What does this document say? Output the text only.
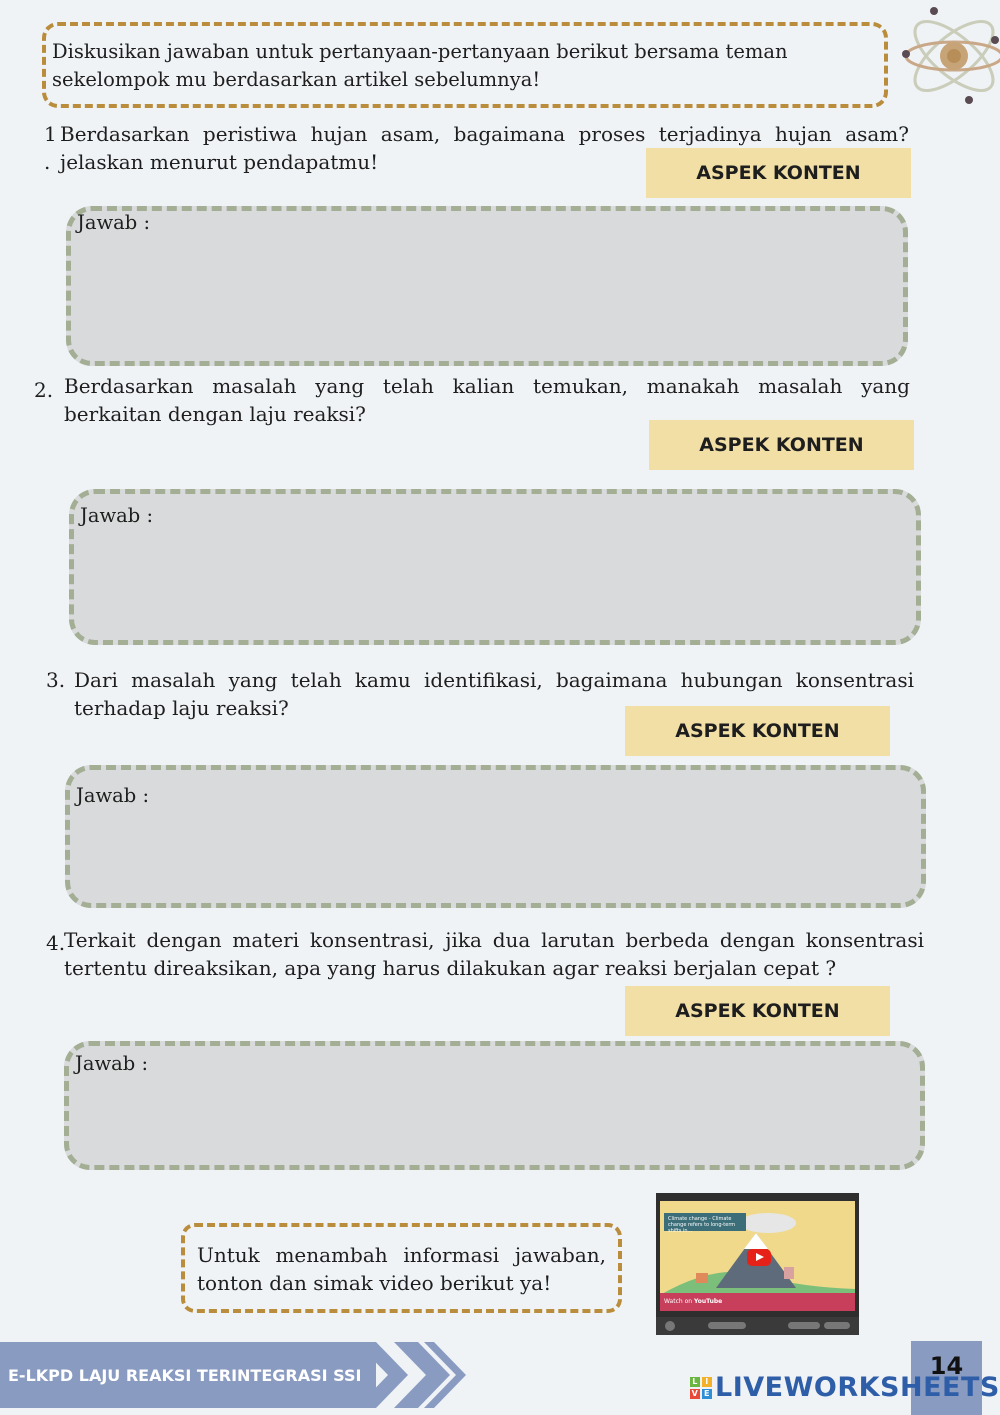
Diskusikan jawaban untuk pertanyaan-pertanyaan berikut bersama teman sekelompok mu berdasarkan artikel sebelumnya!
1
.
Berdasarkan peristiwa hujan asam, bagaimana proses terjadinya hujan asam? jelaskan menurut pendapatmu!	ASPEK KONTEN
Jawab :
2. Berdasarkan masalah yang telah kalian temukan, manakah masalah yang berkaitan dengan laju reaksi?
ASPEK KONTEN
Jawab :
3. Dari masalah yang telah kamu identifikasi, bagaimana hubungan konsentrasi terhadap laju reaksi?
ASPEK KONTEN
Jawab :
4.
Terkait dengan materi konsentrasi, jika dua larutan berbeda dengan konsentrasi tertentu direaksikan, apa yang harus dilakukan agar reaksi berjalan cepat ?
ASPEK KONTEN
Jawab :
Untuk menambah informasi jawaban, tonton dan simak video berikut ya!
Climate change - Climate change refers to long-term shifts in...
Watch on YouTube
E-LKPD LAJU REAKSI TERINTEGRASI SSI	14
L I
V E LIVEWORKSHEETS
